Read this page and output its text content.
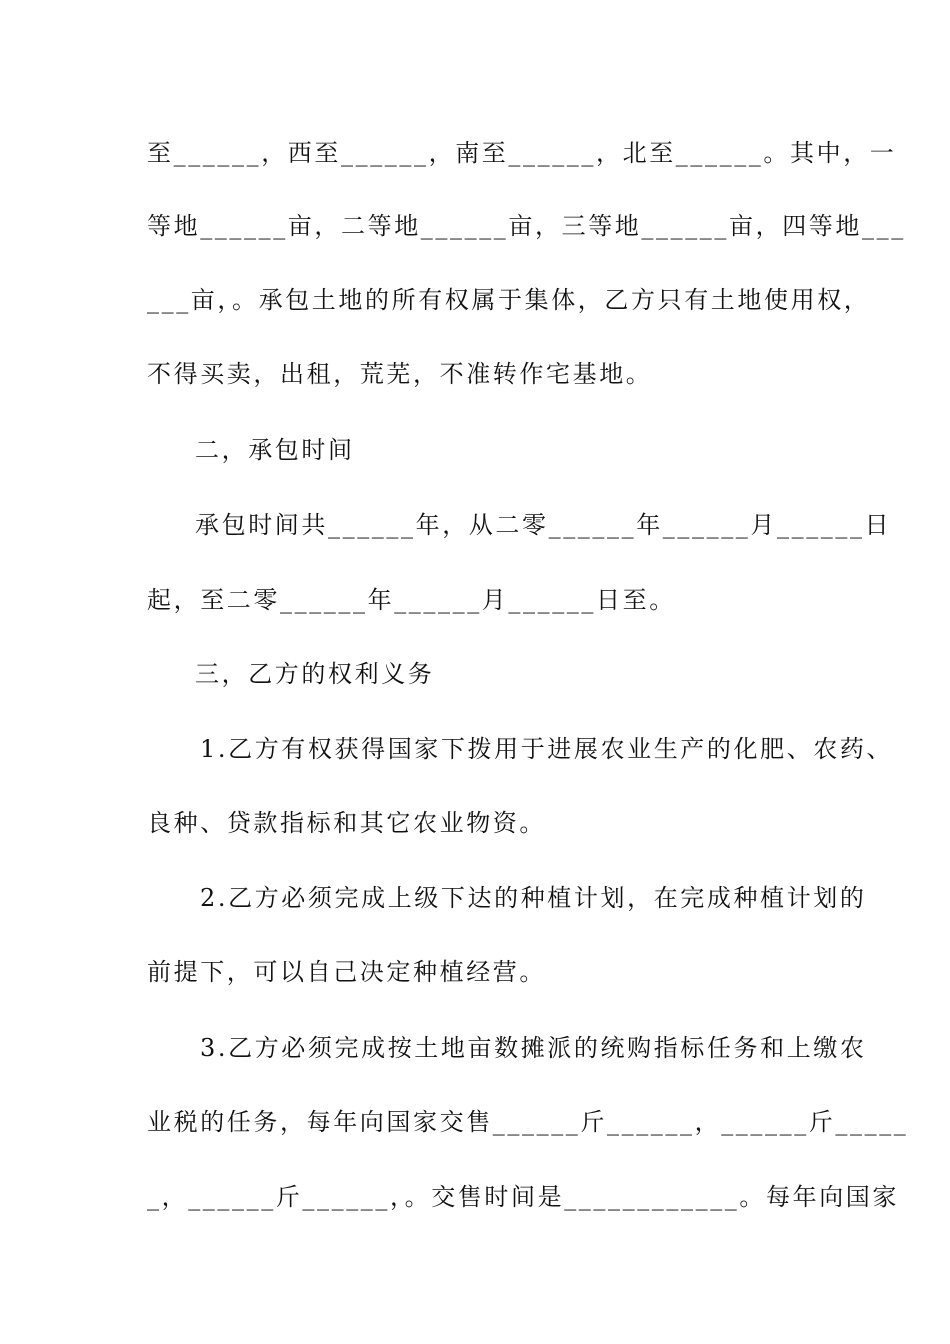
至______，西至______，南至______，北至______。其中，一
等地______亩，二等地______亩，三等地______亩，四等地___
___亩，。承包土地的所有权属于集体，乙方只有土地使用权，
不得买卖，出租，荒芜，不准转作宅基地。
二，承包时间
承包时间共______年，从二零______年______月______日
起，至二零______年______月______日至。
三，乙方的权利义务
1.乙方有权获得国家下拨用于进展农业生产的化肥、农药、
良种、贷款指标和其它农业物资。
2.乙方必须完成上级下达的种植计划，在完成种植计划的
前提下，可以自己决定种植经营。
3.乙方必须完成按土地亩数摊派的统购指标任务和上缴农
业税的任务，每年向国家交售______斤______，______斤_____
_，______斤______，。交售时间是____________。每年向国家
